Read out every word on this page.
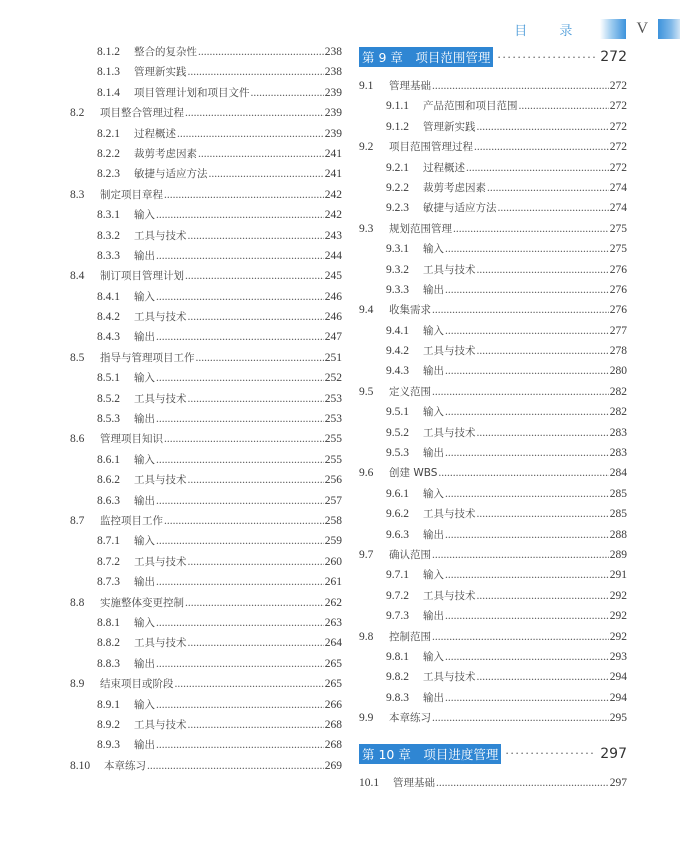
目 录	V
8.1.2	整合的复杂性 .....	238
8.1.3	管理新实践 .....	238
8.1.4	项目管理计划和项目文件 .....	239
8.2	项目整合管理过程 .....	239
8.2.1	过程概述 .....	239
8.2.2	裁剪考虑因素 .....	241
8.2.3	敏捷与适应方法 .....	241
8.3	制定项目章程 .....	242
8.3.1	输入 .....	242
8.3.2	工具与技术 .....	243
8.3.3	输出 .....	244
8.4	制订项目管理计划 .....	245
8.4.1	输入 .....	246
8.4.2	工具与技术 .....	246
8.4.3	输出 .....	247
8.5	指导与管理项目工作 .....	251
8.5.1	输入 .....	252
8.5.2	工具与技术 .....	253
8.5.3	输出 .....	253
8.6	管理项目知识 .....	255
8.6.1	输入 .....	255
8.6.2	工具与技术 .....	256
8.6.3	输出 .....	257
8.7	监控项目工作 .....	258
8.7.1	输入 .....	259
8.7.2	工具与技术 .....	260
8.7.3	输出 .....	261
8.8	实施整体变更控制 .....	262
8.8.1	输入 .....	263
8.8.2	工具与技术 .....	264
8.8.3	输出 .....	265
8.9	结束项目或阶段 .....	265
8.9.1	输入 .....	266
8.9.2	工具与技术 .....	268
8.9.3	输出 .....	268
8.10	本章练习 .....	269
第 9 章　项目范围管理 · · ·	272
9.1	管理基础 .....	272
9.1.1	产品范围和项目范围 .....	272
9.1.2	管理新实践 .....	272
9.2	项目范围管理过程 .....	272
9.2.1	过程概述 .....	272
9.2.2	裁剪考虑因素 .....	274
9.2.3	敏捷与适应方法 .....	274
9.3	规划范围管理 .....	275
9.3.1	输入 .....	275
9.3.2	工具与技术 .....	276
9.3.3	输出 .....	276
9.4	收集需求 .....	276
9.4.1	输入 .....	277
9.4.2	工具与技术 .....	278
9.4.3	输出 .....	280
9.5	定义范围 .....	282
9.5.1	输入 .....	282
9.5.2	工具与技术 .....	283
9.5.3	输出 .....	283
9.6	创建 WBS .....	284
9.6.1	输入 .....	285
9.6.2	工具与技术 .....	285
9.6.3	输出 .....	288
9.7	确认范围 .....	289
9.7.1	输入 .....	291
9.7.2	工具与技术 .....	292
9.7.3	输出 .....	292
9.8	控制范围 .....	292
9.8.1	输入 .....	293
9.8.2	工具与技术 .....	294
9.8.3	输出 .....	294
9.9	本章练习 .....	295
第 10 章　项目进度管理 · · ·	297
10.1	管理基础 .....	297
